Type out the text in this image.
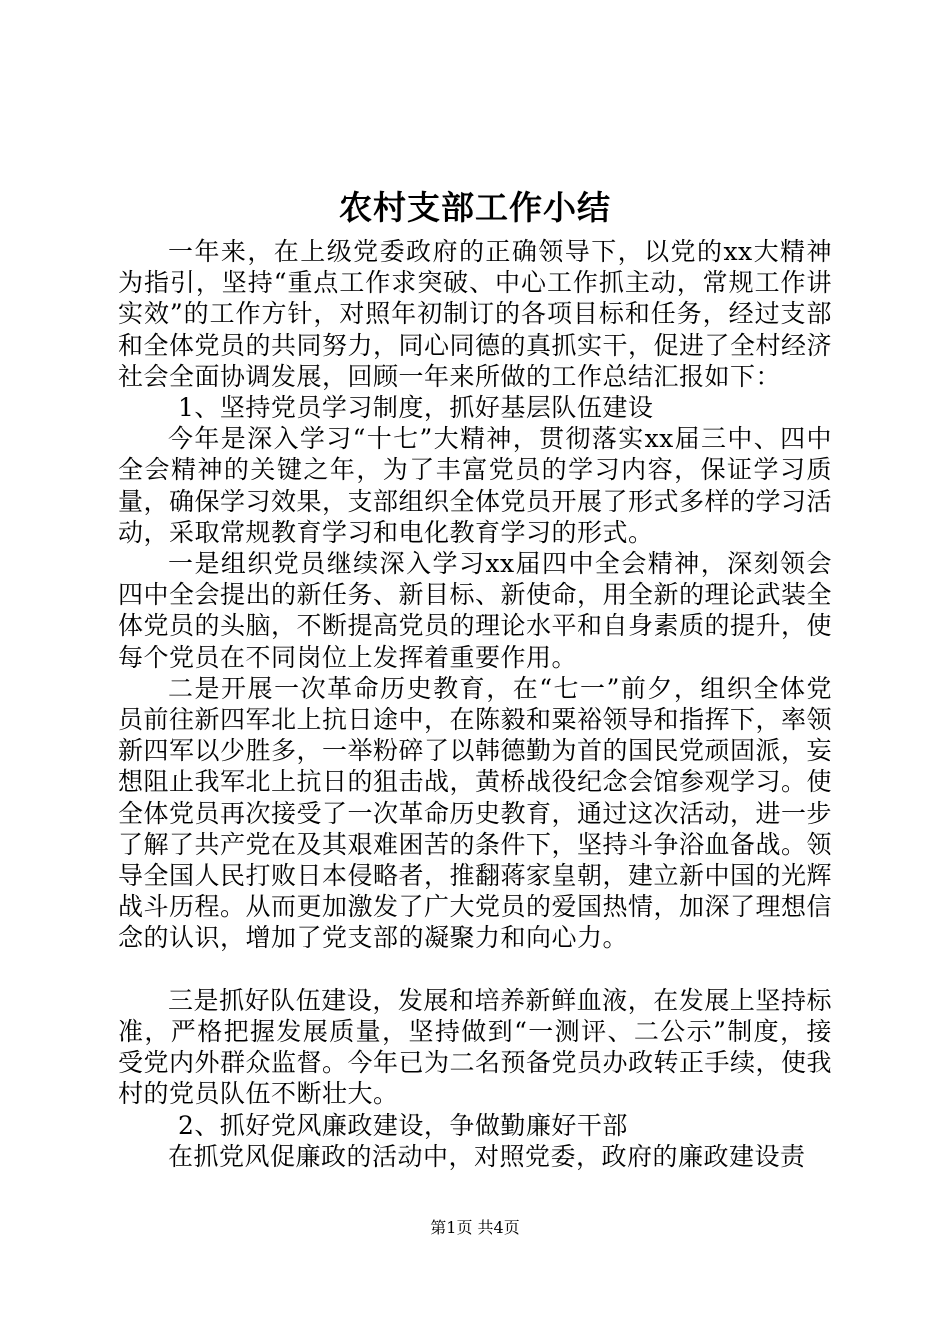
农村支部工作小结

一年来，在上级党委政府的正确领导下，以党的xx大精神为指引，坚持“重点工作求突破、中心工作抓主动，常规工作讲实效”的工作方针，对照年初制订的各项目标和任务，经过支部和全体党员的共同努力，同心同德的真抓实干，促进了全村经济社会全面协调发展，回顾一年来所做的工作总结汇报如下：

1、坚持党员学习制度，抓好基层队伍建设

今年是深入学习“十七”大精神，贯彻落实xx届三中、四中全会精神的关键之年，为了丰富党员的学习内容，保证学习质量，确保学习效果，支部组织全体党员开展了形式多样的学习活动，采取常规教育学习和电化教育学习的形式。

一是组织党员继续深入学习xx届四中全会精神，深刻领会四中全会提出的新任务、新目标、新使命，用全新的理论武装全体党员的头脑，不断提高党员的理论水平和自身素质的提升，使每个党员在不同岗位上发挥着重要作用。

二是开展一次革命历史教育，在“七一”前夕，组织全体党员前往新四军北上抗日途中，在陈毅和粟裕领导和指挥下，率领新四军以少胜多，一举粉碎了以韩德勤为首的国民党顽固派，妄想阻止我军北上抗日的狙击战，黄桥战役纪念会馆参观学习。使全体党员再次接受了一次革命历史教育，通过这次活动，进一步了解了共产党在及其艰难困苦的条件下，坚持斗争浴血备战。领导全国人民打败日本侵略者，推翻蒋家皇朝，建立新中国的光辉战斗历程。从而更加激发了广大党员的爱国热情，加深了理想信念的认识，增加了党支部的凝聚力和向心力。

三是抓好队伍建设，发展和培养新鲜血液，在发展上坚持标准，严格把握发展质量，坚持做到“一测评、二公示”制度，接受党内外群众监督。今年已为二名预备党员办政转正手续，使我村的党员队伍不断壮大。

2、抓好党风廉政建设，争做勤廉好干部

在抓党风促廉政的活动中，对照党委，政府的廉政建设责

第1页 共4页
